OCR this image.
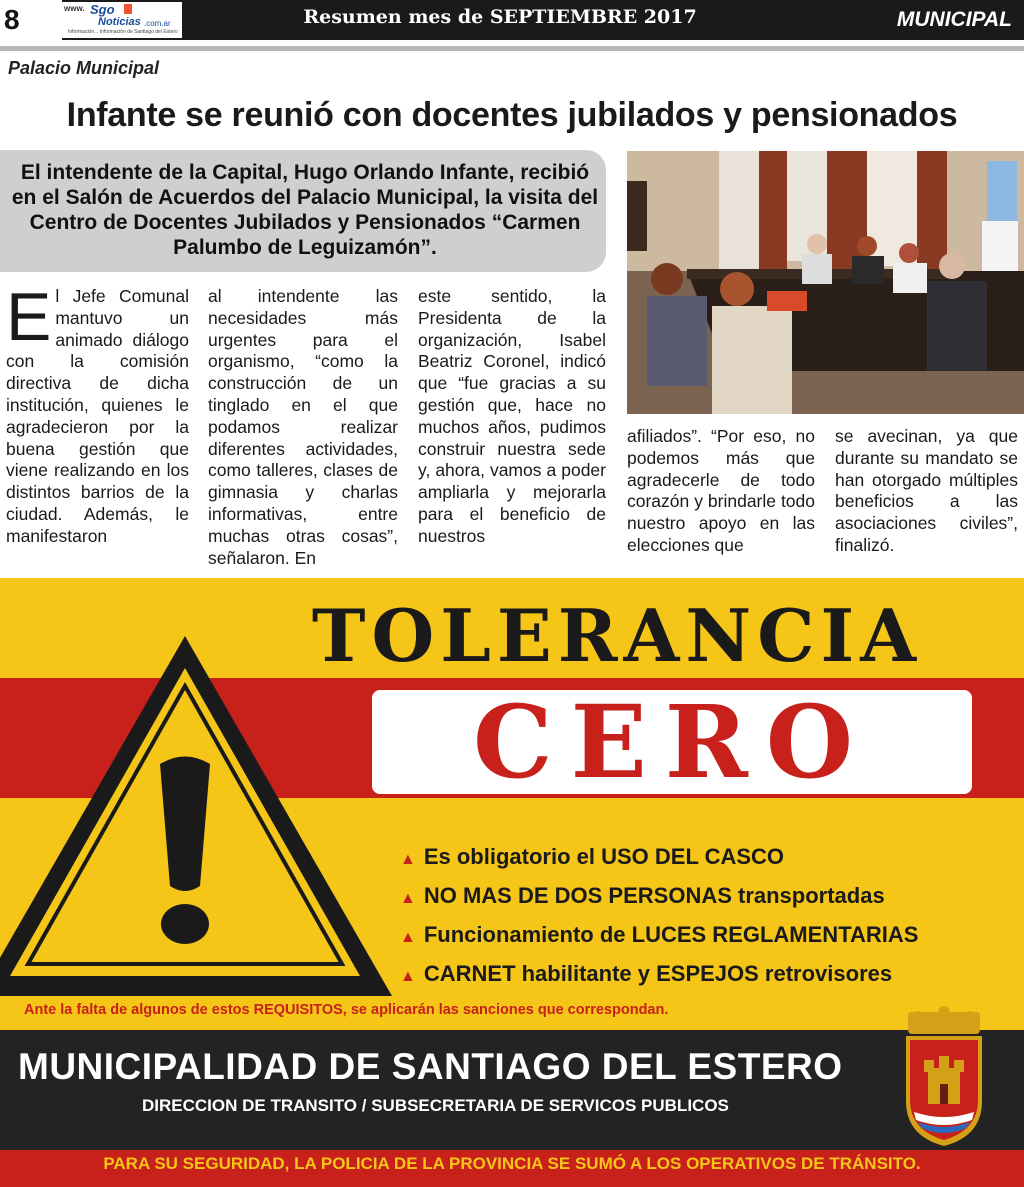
8	www. Sgo
Noticias .com.ar
Información... Información de Santiago del Estero
Resumen mes de SEPTIEMBRE 2017	MUNICIPAL
Palacio Municipal
Infante se reunió con docentes jubilados y pensionados
El intendente de la Capital, Hugo Orlando Infante, recibió en el Salón de Acuerdos del Palacio Municipal, la visita del Centro de Docentes Jubilados y Pensionados “Carmen Palumbo de Leguizamón”.
El Jefe Comunal mantuvo un animado diálogo con la comisión directiva de dicha institución, quienes le agradecieron por la buena gestión que viene realizando en los distintos barrios de la ciudad. Además, le manifestaron
al intendente las necesidades más urgentes para el organismo, “como la construcción de un tinglado en el que podamos realizar diferentes actividades, como talleres, clases de gimnasia y charlas informativas, entre muchas otras cosas”, señalaron. En
este sentido, la Presidenta de la organización, Isabel Beatriz Coronel, indicó que “fue gracias a su gestión que, hace no muchos años, pudimos construir nuestra sede y, ahora, vamos a poder ampliarla y mejorarla para el beneficio de nuestros
afiliados”. “Por eso, no podemos más que agradecerle de todo corazón y brindarle todo nuestro apoyo en las elecciones que
se avecinan, ya que durante su mandato se han otorgado múltiples beneficios a las asociaciones civiles”, finalizó.
TOLERANCIA
CERO
▲ Es obligatorio el USO DEL CASCO
▲ NO MAS DE DOS PERSONAS transportadas
▲ Funcionamiento de LUCES REGLAMENTARIAS
▲ CARNET habilitante y ESPEJOS retrovisores
Ante la falta de algunos de estos REQUISITOS, se aplicarán las sanciones que correspondan.
MUNICIPALIDAD DE SANTIAGO DEL ESTERO
DIRECCION DE TRANSITO / SUBSECRETARIA DE SERVICOS PUBLICOS
PARA SU SEGURIDAD, LA POLICIA DE LA PROVINCIA SE SUMÓ A LOS OPERATIVOS DE TRÁNSITO.
